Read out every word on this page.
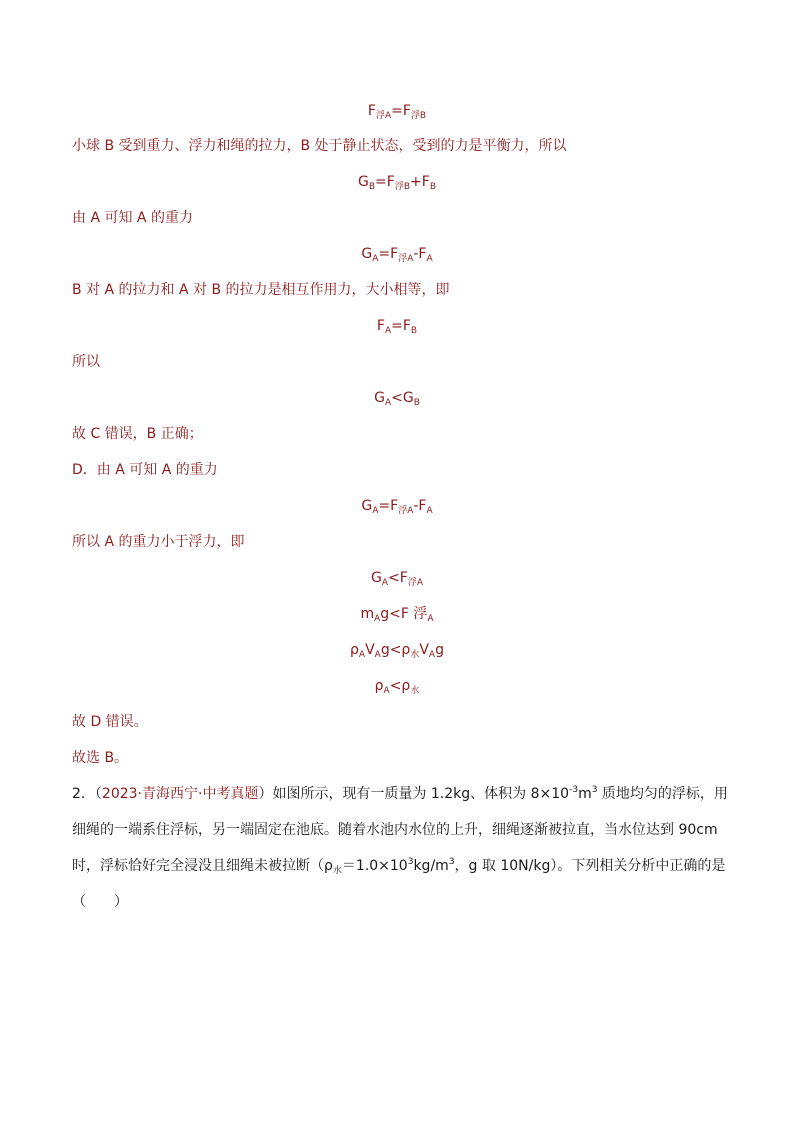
$F_{浮A}=F_{浮B}$
小球 B 受到重力、浮力和绳的拉力，B 处于静止状态，受到的力是平衡力，所以
$G_B=F_{浮B}+F_B$
由 A 可知 A 的重力
$G_A=F_{浮A}-F_A$
B 对 A 的拉力和 A 对 B 的拉力是相互作用力，大小相等，即
$F_A=F_B$
所以
$G_A<G_B$
故 C 错误，B 正确；
D．由 A 可知 A 的重力
$G_A=F_{浮A}-F_A$
所以 A 的重力小于浮力，即
$G_A<F_{浮A}$
$m_Ag<F$ 浮$_A$
$\rho_AV_Ag<\rho_水V_Ag$
$\rho_A<\rho_水$
故 D 错误。
故选 B。
2．（2023·青海西宁·中考真题）如图所示，现有一质量为 1.2kg、体积为 $8\times 10^{-3}m^3$ 质地均匀的浮标，用
细绳的一端系住浮标，另一端固定在池底。随着水池内水位的上升，细绳逐渐被拉直，当水位达到 90cm
时，浮标恰好完全浸没且细绳未被拉断（$\rho_水=1.0\times 10^3kg/m^3$，g 取 10N/kg）。下列相关分析中正确的是
（　　）
